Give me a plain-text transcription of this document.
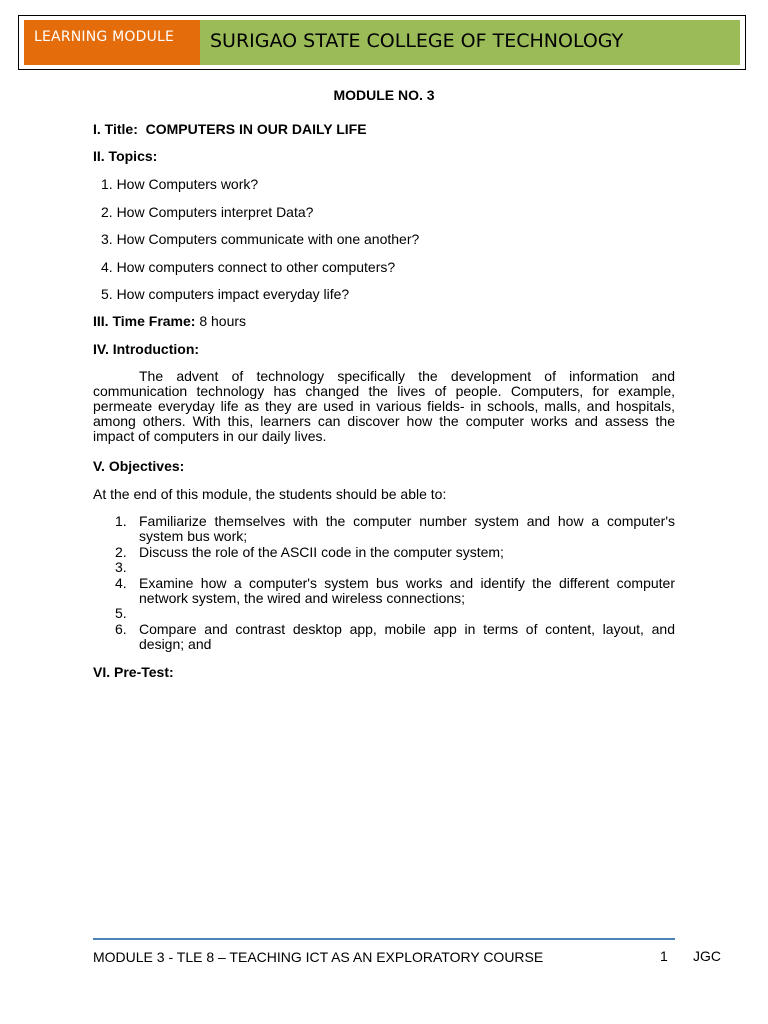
LEARNING MODULE	SURIGAO STATE COLLEGE OF TECHNOLOGY
MODULE NO. 3
I. Title: COMPUTERS IN OUR DAILY LIFE
II. Topics:
1. How Computers work?
2. How Computers interpret Data?
3. How Computers communicate with one another?
4. How computers connect to other computers?
5. How computers impact everyday life?
III. Time Frame: 8 hours
IV. Introduction:
The advent of technology specifically the development of information and communication technology has changed the lives of people. Computers, for example, permeate everyday life as they are used in various fields- in schools, malls, and hospitals, among others. With this, learners can discover how the computer works and assess the impact of computers in our daily lives.
V. Objectives:
At the end of this module, the students should be able to:
1. Familiarize themselves with the computer number system and how a computer's system bus work;
2. Discuss the role of the ASCII code in the computer system;
3.
4. Examine how a computer's system bus works and identify the different computer network system, the wired and wireless connections;
5.
6. Compare and contrast desktop app, mobile app in terms of content, layout, and design; and
VI. Pre-Test:
MODULE 3 - TLE 8 – TEACHING ICT AS AN EXPLORATORY COURSE	1 JGC
